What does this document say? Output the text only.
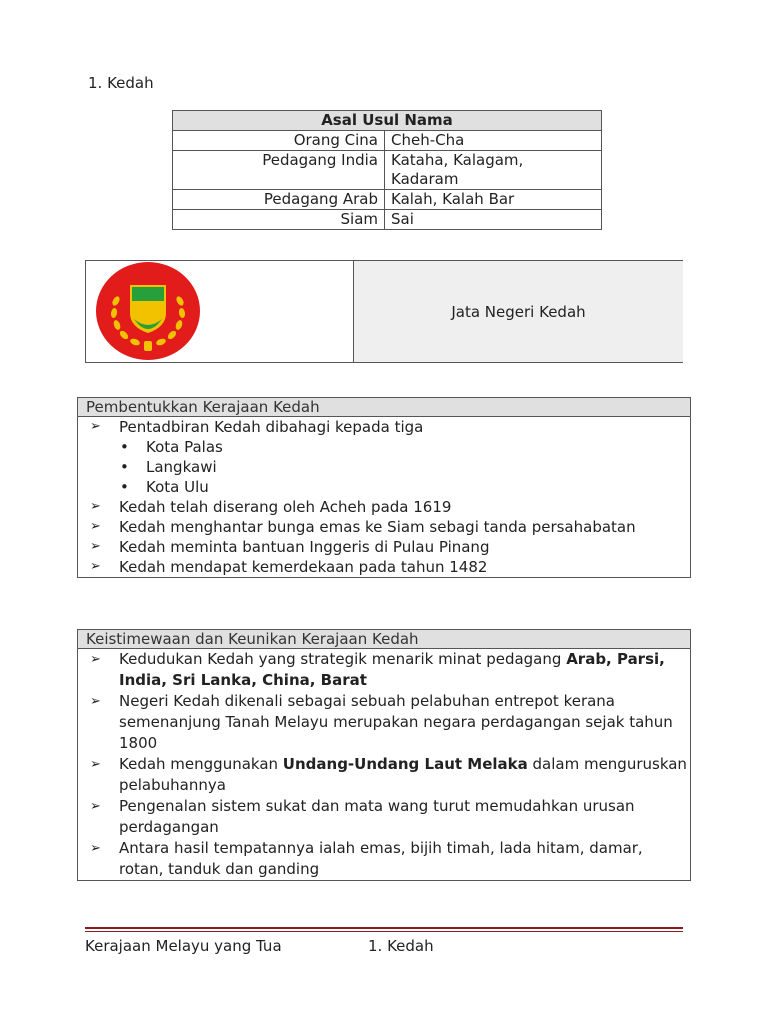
1. Kedah
Asal Usul Nama	
Orang Cina	Cheh-Cha
Pedagang India	Kataha, Kalagam, Kadaram
Pedagang Arab	Kalah, Kalah Bar
Siam	Sai
Jata Negeri Kedah
Pembentukkan Kerajaan Kedah
➢	Pentadbiran Kedah dibahagi kepada tiga
• Kota Palas
• Langkawi
• Kota Ulu
➢	Kedah telah diserang oleh Acheh pada 1619
➢	Kedah menghantar bunga emas ke Siam sebagi tanda persahabatan
➢	Kedah meminta bantuan Inggeris di Pulau Pinang
➢	Kedah mendapat kemerdekaan pada tahun 1482
Keistimewaan dan Keunikan Kerajaan Kedah
➢	Kedudukan Kedah yang strategik menarik minat pedagang Arab, Parsi, India, Sri Lanka, China, Barat
➢	Negeri Kedah dikenali sebagai sebuah pelabuhan entrepot kerana semenanjung Tanah Melayu merupakan negara perdagangan sejak tahun 1800
➢	Kedah menggunakan Undang-Undang Laut Melaka dalam menguruskan pelabuhannya
➢	Pengenalan sistem sukat dan mata wang turut memudahkan urusan perdagangan
➢	Antara hasil tempatannya ialah emas, bijih timah, lada hitam, damar, rotan, tanduk dan ganding
Kerajaan Melayu yang Tua	1. Kedah
